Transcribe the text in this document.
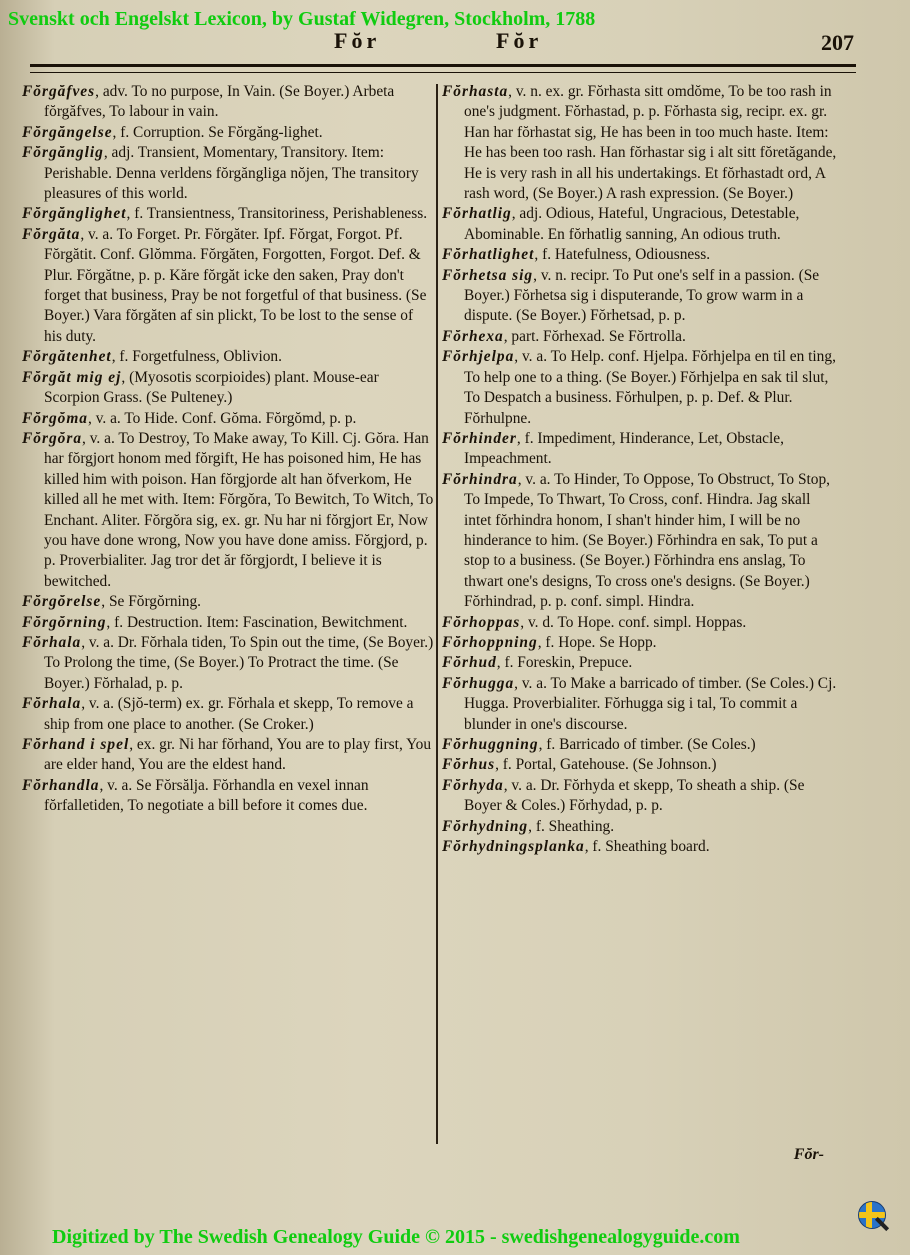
Svenskt och Engelskt Lexicon, by Gustaf Widegren, Stockholm, 1788
Fŏr	Fŏr	207

Fŏrgăfves, adv. To no purpose, In Vain. (Se Boyer.) Arbeta fŏrgăfves, To labour in vain.

Fŏrgăngelse, f. Corruption. Se Fŏrgăng-lighet.

Fŏrgănglig, adj. Transient, Momentary, Transitory. Item: Perishable. Denna verldens fŏrgăngliga nŏjen, The transitory pleasures of this world.

Fŏrgănglighet, f. Transientness, Transitoriness, Perishableness.

Fŏrgăta, v. a. To Forget. Pr. Fŏrgăter. Ipf. Fŏrgat, Forgot. Pf. Fŏrgătit. Conf. Glŏmma. Fŏrgăten, Forgotten, Forgot. Def. & Plur. Fŏrgătne, p. p. Kăre fŏrgăt icke den saken, Pray don't forget that business, Pray be not forgetful of that business. (Se Boyer.) Vara fŏrgăten af sin plickt, To be lost to the sense of his duty.

Fŏrgătenhet, f. Forgetfulness, Oblivion.

Fŏrgăt mig ej, (Myosotis scorpioides) plant. Mouse-ear Scorpion Grass. (Se Pulteney.)

Fŏrgŏma, v. a. To Hide. Conf. Gŏma. Fŏrgŏmd, p. p.

Fŏrgŏra, v. a. To Destroy, To Make away, To Kill. Cj. Gŏra. Han har fŏrgjort honom med fŏrgift, He has poisoned him, He has killed him with poison. Han fŏrgjorde alt han ŏfverkom, He killed all he met with. Item: Fŏrgŏra, To Bewitch, To Witch, To Enchant. Aliter. Fŏrgŏra sig, ex. gr. Nu har ni fŏrgjort Er, Now you have done wrong, Now you have done amiss. Fŏrgjord, p. p. Proverbialiter. Jag tror det ăr fŏrgjordt, I believe it is bewitched.

Fŏrgŏrelse, Se Fŏrgŏrning.

Fŏrgŏrning, f. Destruction. Item: Fascination, Bewitchment.

Fŏrhala, v. a. Dr. Fŏrhala tiden, To Spin out the time, (Se Boyer.) To Prolong the time, (Se Boyer.) To Protract the time. (Se Boyer.) Fŏrhalad, p. p.

Fŏrhala, v. a. (Sjŏ-term) ex. gr. Fŏrhala et skepp, To remove a ship from one place to another. (Se Croker.)

Fŏrhand i spel, ex. gr. Ni har fŏrhand, You are to play first, You are elder hand, You are the eldest hand.

Fŏrhandla, v. a. Se Fŏrsălja. Fŏrhandla en vexel innan fŏrfalletiden, To negotiate a bill before it comes due.

Fŏrhasta, v. n. ex. gr. Fŏrhasta sitt omdŏme, To be too rash in one's judgment. Fŏrhastad, p. p. Fŏrhasta sig, recipr. ex. gr. Han har fŏrhastat sig, He has been in too much haste. Item: He has been too rash. Han fŏrhastar sig i alt sitt fŏretăgande, He is very rash in all his undertakings. Et fŏrhastadt ord, A rash word, (Se Boyer.) A rash expression. (Se Boyer.)

Fŏrhatlig, adj. Odious, Hateful, Ungracious, Detestable, Abominable. En fŏrhatlig sanning, An odious truth.

Fŏrhatlighet, f. Hatefulness, Odiousness.

Fŏrhetsa sig, v. n. recipr. To Put one's self in a passion. (Se Boyer.) Fŏrhetsa sig i disputerande, To grow warm in a dispute. (Se Boyer.) Fŏrhetsad, p. p.

Fŏrhexa, part. Fŏrhexad. Se Fŏrtrolla.

Fŏrhjelpa, v. a. To Help. conf. Hjelpa. Fŏrhjelpa en til en ting, To help one to a thing. (Se Boyer.) Fŏrhjelpa en sak til slut, To Despatch a business. Fŏrhulpen, p. p. Def. & Plur. Fŏrhulpne.

Fŏrhinder, f. Impediment, Hinderance, Let, Obstacle, Impeachment.

Fŏrhindra, v. a. To Hinder, To Oppose, To Obstruct, To Stop, To Impede, To Thwart, To Cross, conf. Hindra. Jag skall intet fŏrhindra honom, I shan't hinder him, I will be no hinderance to him. (Se Boyer.) Fŏrhindra en sak, To put a stop to a business. (Se Boyer.) Fŏrhindra ens anslag, To thwart one's designs, To cross one's designs. (Se Boyer.) Fŏrhindrad, p. p. conf. simpl. Hindra.

Fŏrhoppas, v. d. To Hope. conf. simpl. Hoppas.

Fŏrhoppning, f. Hope. Se Hopp.

Fŏrhud, f. Foreskin, Prepuce.

Fŏrhugga, v. a. To Make a barricado of timber. (Se Coles.) Cj. Hugga. Proverbialiter. Fŏrhugga sig i tal, To commit a blunder in one's discourse.

Fŏrhuggning, f. Barricado of timber. (Se Coles.)

Fŏrhus, f. Portal, Gatehouse. (Se Johnson.)

Fŏrhyda, v. a. Dr. Fŏrhyda et skepp, To sheath a ship. (Se Boyer & Coles.) Fŏrhydad, p. p.

Fŏrhydning, f. Sheathing.

Fŏrhydningsplanka, f. Sheathing board.

Fŏr-
Digitized by The Swedish Genealogy Guide © 2015 - swedishgenealogyguide.com
